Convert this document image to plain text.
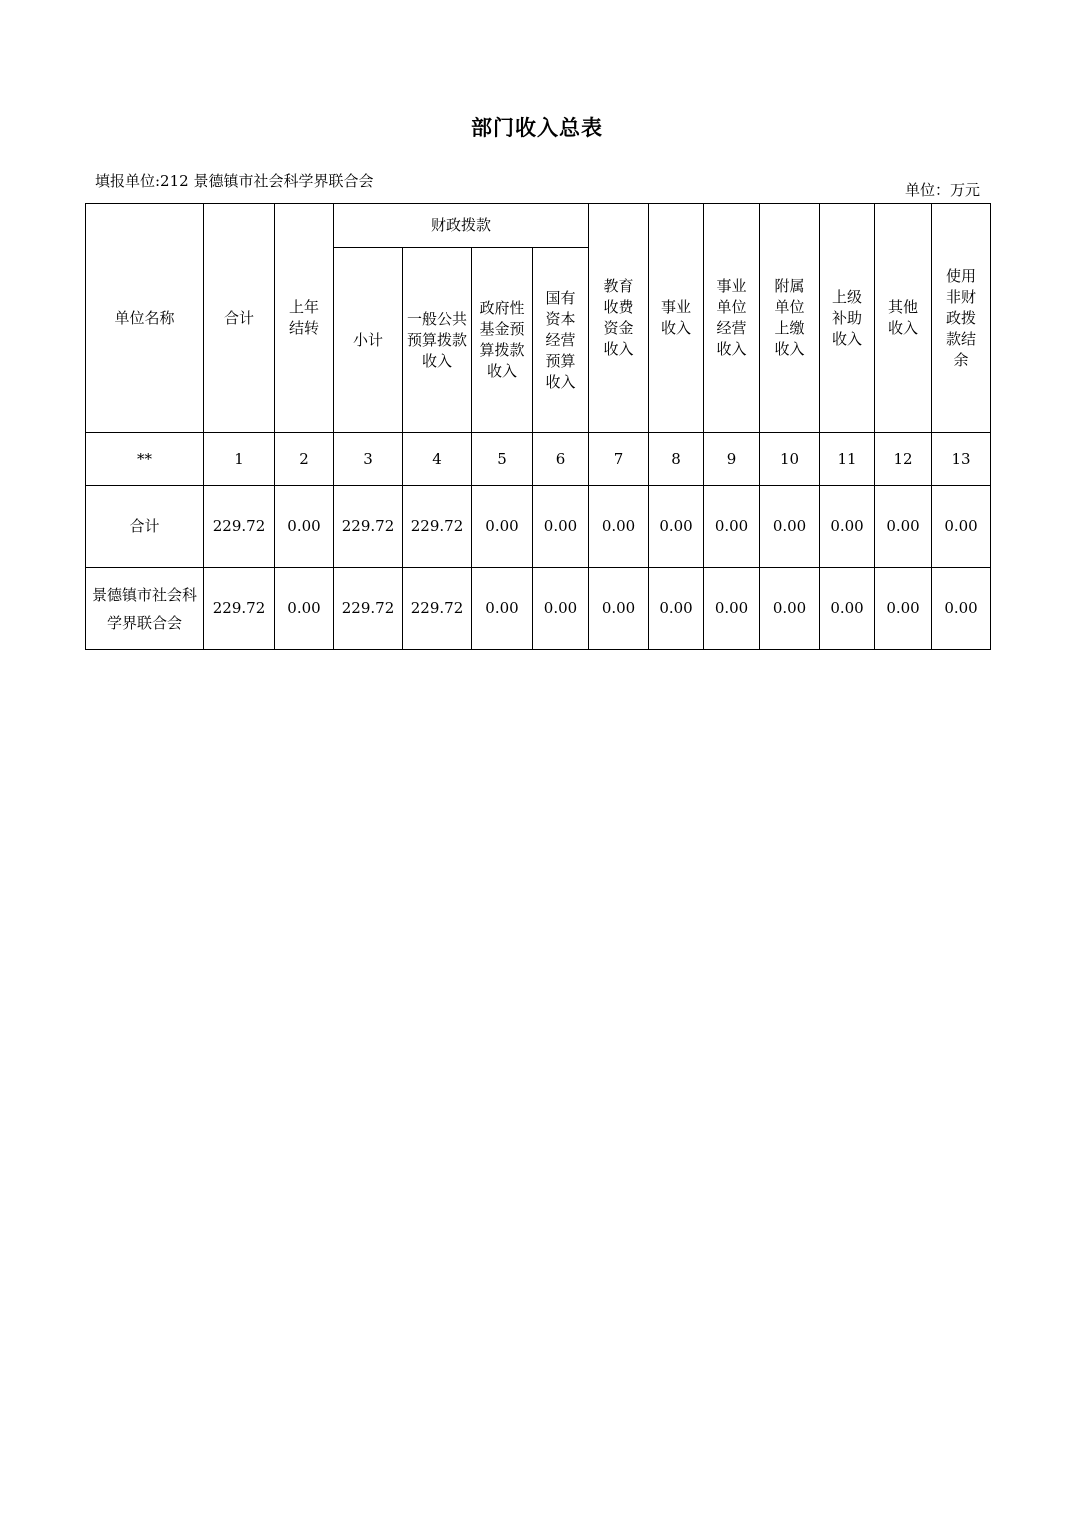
部门收入总表
填报单位:212 景德镇市社会科学界联合会	单位：万元
单位名称	合计	上年结转	财政拨款				教育收费资金收入	事业收入	事业单位经营收入	附属单位上缴收入	上级补助收入	其他收入	使用非财政拨款结余
			小计	一般公共预算拨款收入	政府性基金预算拨款收入	国有资本经营预算收入							
**	1	2	3	4	5	6	7	8	9	10	11	12	13
合计	229.72	0.00	229.72	229.72	0.00	0.00	0.00	0.00	0.00	0.00	0.00	0.00	0.00
景德镇市社会科学界联合会	229.72	0.00	229.72	229.72	0.00	0.00	0.00	0.00	0.00	0.00	0.00	0.00	0.00
